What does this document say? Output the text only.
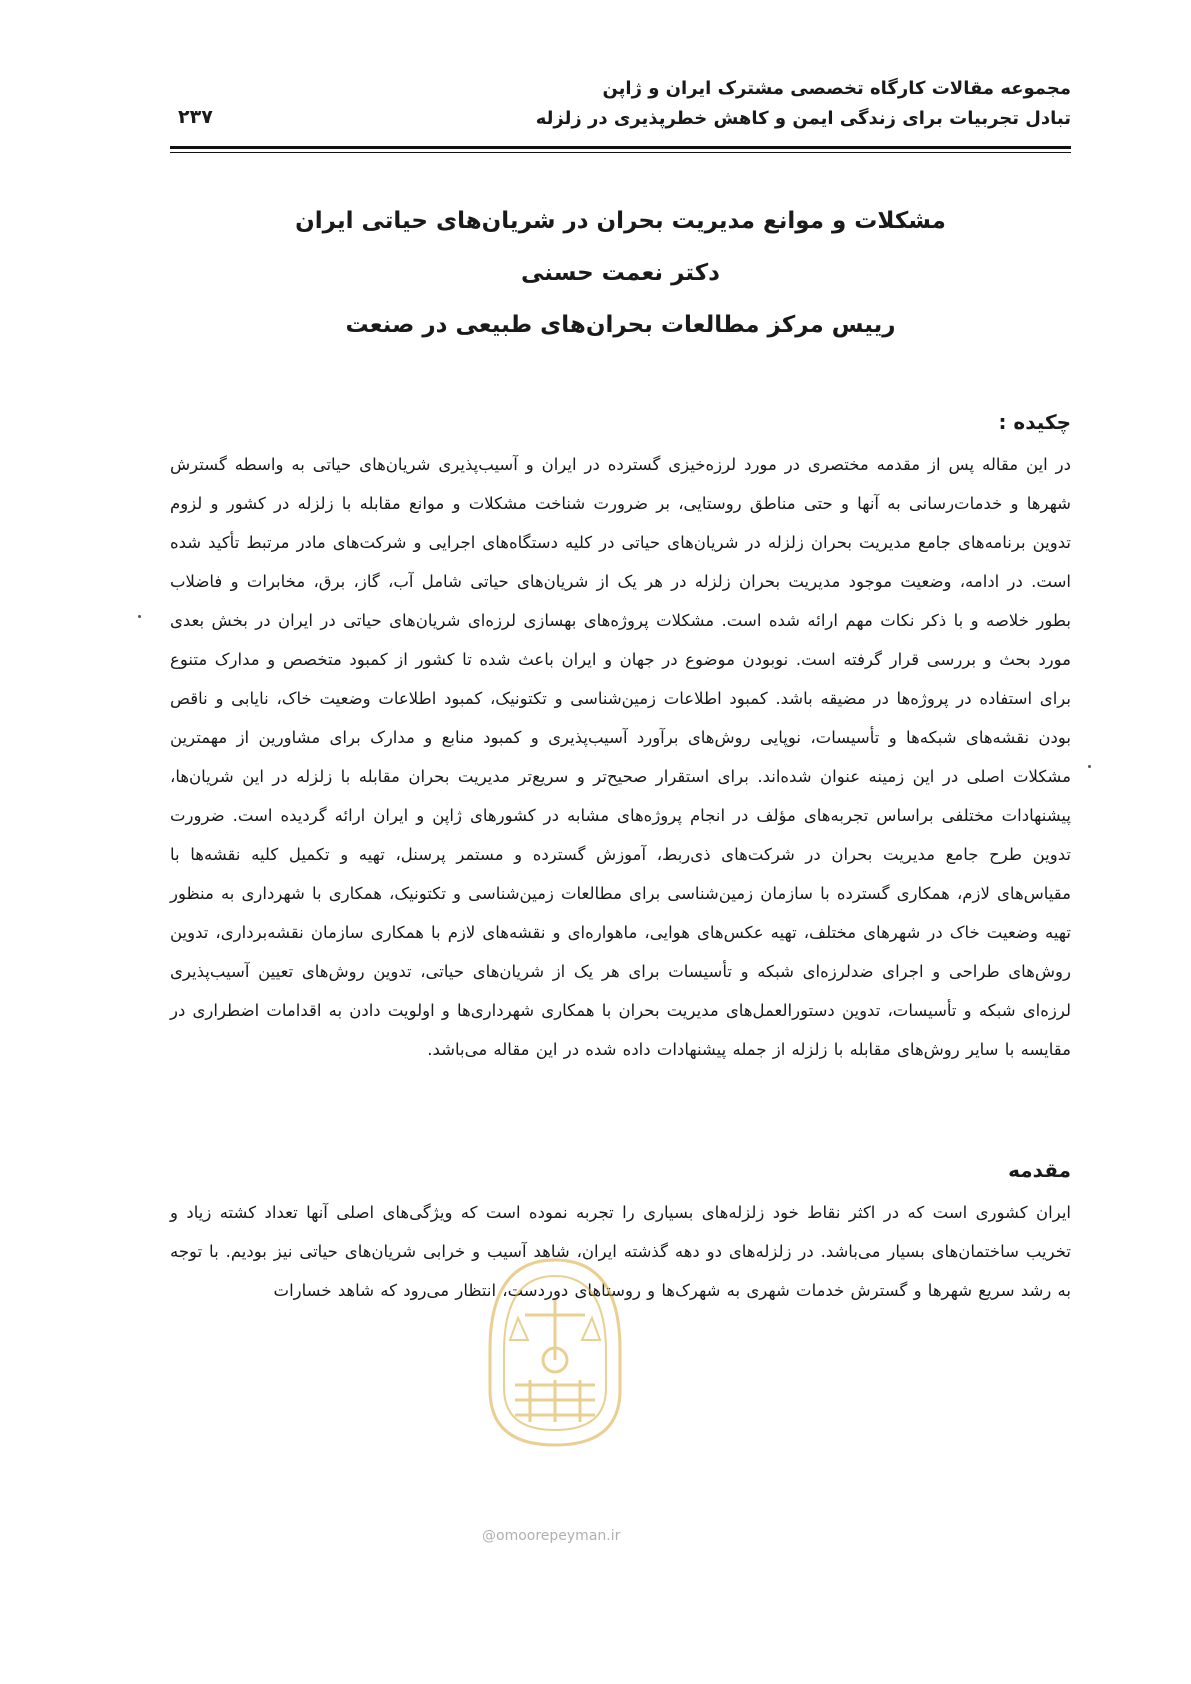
مجموعه مقالات کارگاه تخصصی مشترک ایران و ژاپن
تبادل تجربیات برای زندگی ایمن و کاهش خطرپذیری در زلزله
۲۳۷
مشکلات و موانع مدیریت بحران در شریان‌های حیاتی ایران
دکتر نعمت حسنی
رییس مرکز مطالعات بحران‌های طبیعی در صنعت
چکیده :
در این مقاله پس از مقدمه مختصری در مورد لرزه‌خیزی گسترده در ایران و آسیب‌پذیری شریان‌های حیاتی به واسطه گسترش شهرها و خدمات‌رسانی به آنها و حتی مناطق روستایی، بر ضرورت شناخت مشکلات و موانع مقابله با زلزله در کشور و لزوم تدوین برنامه‌های جامع مدیریت بحران زلزله در شریان‌های حیاتی در کلیه دستگاه‌های اجرایی و شرکت‌های مادر مرتبط تأکید شده است. در ادامه، وضعیت موجود مدیریت بحران زلزله در هر یک از شریان‌های حیاتی شامل آب، گاز، برق، مخابرات و فاضلاب بطور خلاصه و با ذکر نکات مهم ارائه شده است. مشکلات پروژه‌های بهسازی لرزه‌ای شریان‌های حیاتی در ایران در بخش بعدی مورد بحث و بررسی قرار گرفته است. نوبودن موضوع در جهان و ایران باعث شده تا کشور از کمبود متخصص و مدارک متنوع برای استفاده در پروژه‌ها در مضیقه باشد. کمبود اطلاعات زمین‌شناسی و تکتونیک، کمبود اطلاعات وضعیت خاک، نایابی و ناقص بودن نقشه‌های شبکه‌ها و تأسیسات، نوپایی روش‌های برآورد آسیب‌پذیری و کمبود منابع و مدارک برای مشاورین از مهمترین مشکلات اصلی در این زمینه عنوان شده‌اند. برای استقرار صحیح‌تر و سریع‌تر مدیریت بحران مقابله با زلزله در این شریان‌ها، پیشنهادات مختلفی براساس تجربه‌های مؤلف در انجام پروژه‌های مشابه در کشورهای ژاپن و ایران ارائه گردیده است. ضرورت تدوین طرح جامع مدیریت بحران در شرکت‌های ذی‌ربط، آموزش گسترده و مستمر پرسنل، تهیه و تکمیل کلیه نقشه‌ها با مقیاس‌های لازم، همکاری گسترده با سازمان زمین‌شناسی برای مطالعات زمین‌شناسی و تکتونیک، همکاری با شهرداری به منظور تهیه وضعیت خاک در شهرهای مختلف، تهیه عکس‌های هوایی، ماهواره‌ای و نقشه‌های لازم با همکاری سازمان نقشه‌برداری، تدوین روش‌های طراحی و اجرای ضدلرزه‌ای شبکه و تأسیسات برای هر یک از شریان‌های حیاتی، تدوین روش‌های تعیین آسیب‌پذیری لرزه‌ای شبکه و تأسیسات، تدوین دستورالعمل‌های مدیریت بحران با همکاری شهرداری‌ها و اولویت دادن به اقدامات اضطراری در مقایسه با سایر روش‌های مقابله با زلزله از جمله پیشنهادات داده شده در این مقاله می‌باشد.
مقدمه
ایران کشوری است که در اکثر نقاط خود زلزله‌های بسیاری را تجربه نموده است که ویژگی‌های اصلی آنها تعداد کشته زیاد و تخریب ساختمان‌های بسیار می‌باشد. در زلزله‌های دو دهه گذشته ایران، شاهد آسیب و خرابی شریان‌های حیاتی نیز بودیم. با توجه به رشد سریع شهرها و گسترش خدمات شهری به شهرک‌ها و روستاهای دوردست، انتظار می‌رود که شاهد خسارات
@omoorepeyman.ir
